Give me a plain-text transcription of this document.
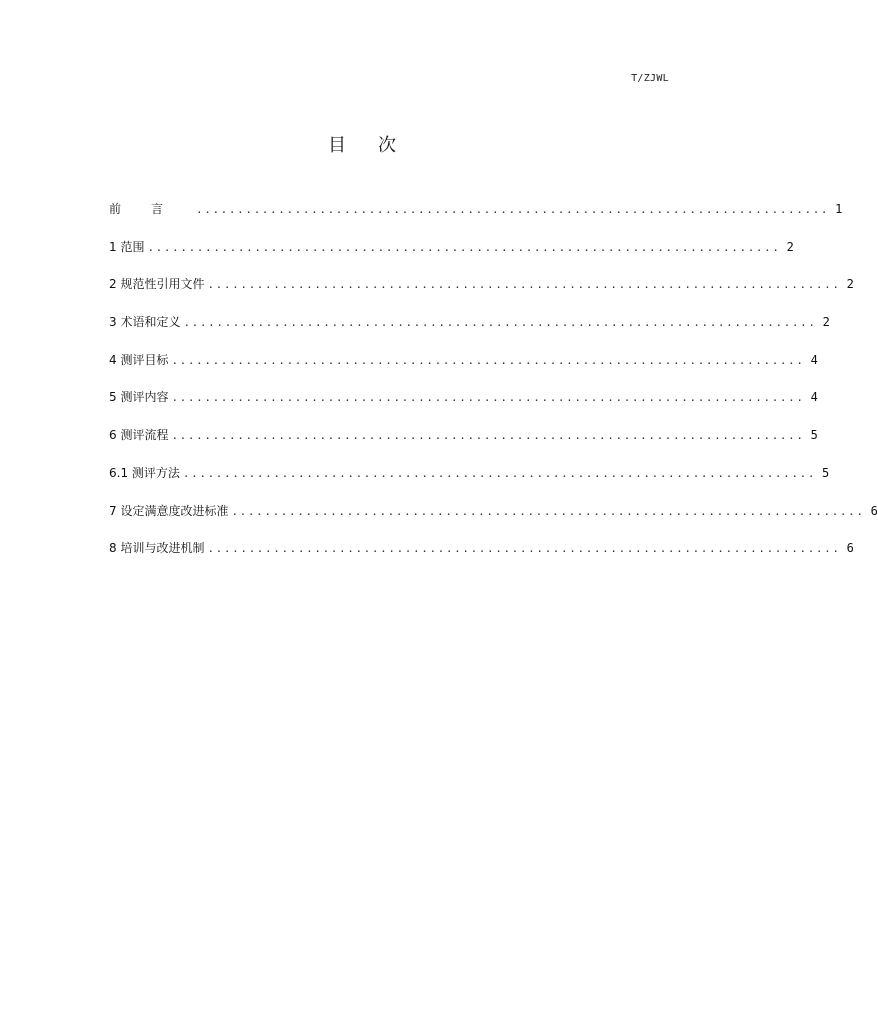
T/ZJWL
目次
前言 ............................................................................. 1
1 范围 ............................................................................. 2
2 规范性引用文件 ............................................................................. 2
3 术语和定义 ............................................................................. 2
4 测评目标 ............................................................................. 4
5 测评内容 ............................................................................. 4
6 测评流程 ............................................................................. 5
6.1 测评方法 ............................................................................. 5
7 设定满意度改进标准 ............................................................................. 6
8 培训与改进机制 ............................................................................. 6
